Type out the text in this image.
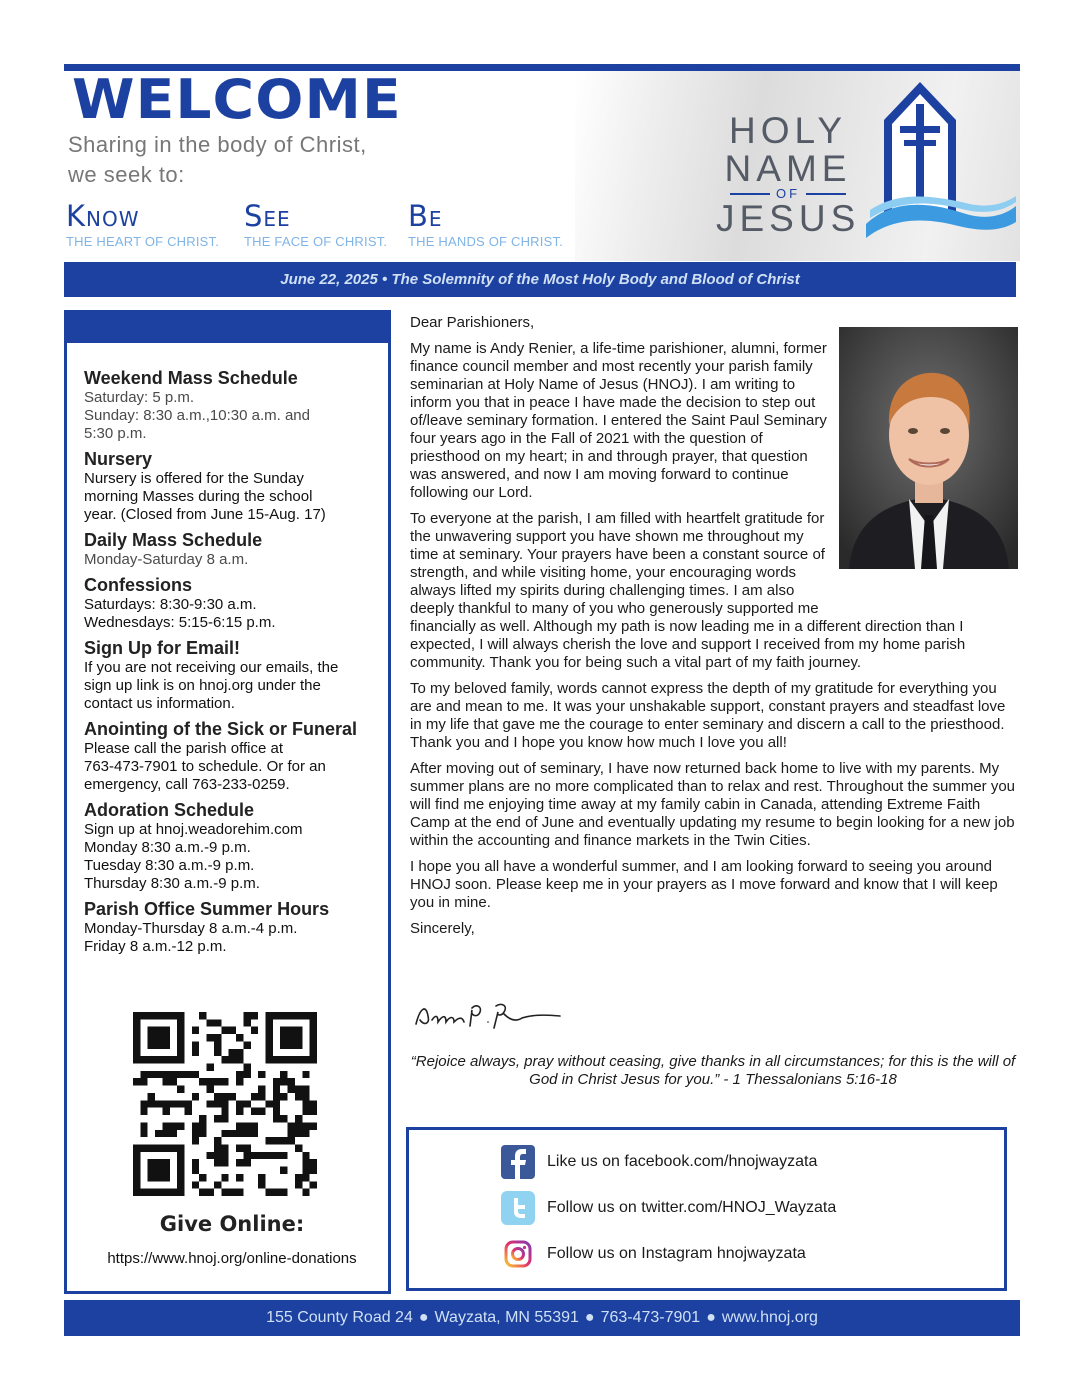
WELCOME
Sharing in the body of Christ,
we seek to:
Know
THE HEART OF CHRIST.
See
THE FACE OF CHRIST.
Be
THE HANDS OF CHRIST.
HOLY
NAME
OF
JESUS
June 22, 2025 • The Solemnity of the Most Holy Body and Blood of Christ
Weekend Mass Schedule
Saturday: 5 p.m.
Sunday: 8:30 a.m.,10:30 a.m. and
5:30 p.m.
Nursery
Nursery is offered for the Sunday
morning Masses during the school
year. (Closed from June 15-Aug. 17)
Daily Mass Schedule
Monday-Saturday 8 a.m.
Confessions
Saturdays: 8:30-9:30 a.m.
Wednesdays: 5:15-6:15 p.m.
Sign Up for Email!
If you are not receiving our emails, the
sign up link is on hnoj.org under the
contact us information.
Anointing of the Sick or Funeral
Please call the parish office at
763-473-7901 to schedule. Or for an
emergency, call 763-233-0259.
Adoration Schedule
Sign up at hnoj.weadorehim.com
Monday 8:30 a.m.-9 p.m.
Tuesday 8:30 a.m.-9 p.m.
Thursday 8:30 a.m.-9 p.m.
Parish Office Summer Hours
Monday-Thursday 8 a.m.-4 p.m.
Friday 8 a.m.-12 p.m.
Give Online:
https://www.hnoj.org/online-donations

Dear Parishioners,

My name is Andy Renier, a life-time parishioner, alumni, former finance council member and most recently your parish family seminarian at Holy Name of Jesus (HNOJ). I am writing to inform you that in peace I have made the decision to step out of/leave seminary formation. I entered the Saint Paul Seminary four years ago in the Fall of 2021 with the question of priesthood on my heart; in and through prayer, that question was answered, and now I am moving forward to continue following our Lord.

To everyone at the parish, I am filled with heartfelt gratitude for the unwavering support you have shown me throughout my time at seminary. Your prayers have been a constant source of strength, and while visiting home, your encouraging words always lifted my spirits during challenging times. I am also deeply thankful to many of you who generously supported me financially as well. Although my path is now leading me in a different direction than I expected, I will always cherish the love and support I received from my home parish community. Thank you for being such a vital part of my faith journey.

To my beloved family, words cannot express the depth of my gratitude for everything you are and mean to me. It was your unshakable support, constant prayers and steadfast love in my life that gave me the courage to enter seminary and discern a call to the priesthood. Thank you and I hope you know how much I love you all!

After moving out of seminary, I have now returned back home to live with my parents. My summer plans are no more complicated than to relax and rest. Throughout the summer you will find me enjoying time away at my family cabin in Canada, attending Extreme Faith Camp at the end of June and eventually updating my resume to begin looking for a new job within the accounting and finance markets in the Twin Cities.

I hope you all have a wonderful summer, and I am looking forward to seeing you around HNOJ soon. Please keep me in your prayers as I move forward and know that I will keep you in mine.

Sincerely,

“Rejoice always, pray without ceasing, give thanks in all circumstances; for this is the will of God in Christ Jesus for you.” - 1 Thessalonians 5:16-18
Like us on facebook.com/hnojwayzata
Follow us on twitter.com/HNOJ_Wayzata
Follow us on Instagram hnojwayzata
155 County Road 24 ● Wayzata, MN 55391 ● 763-473-7901 ● www.hnoj.org
